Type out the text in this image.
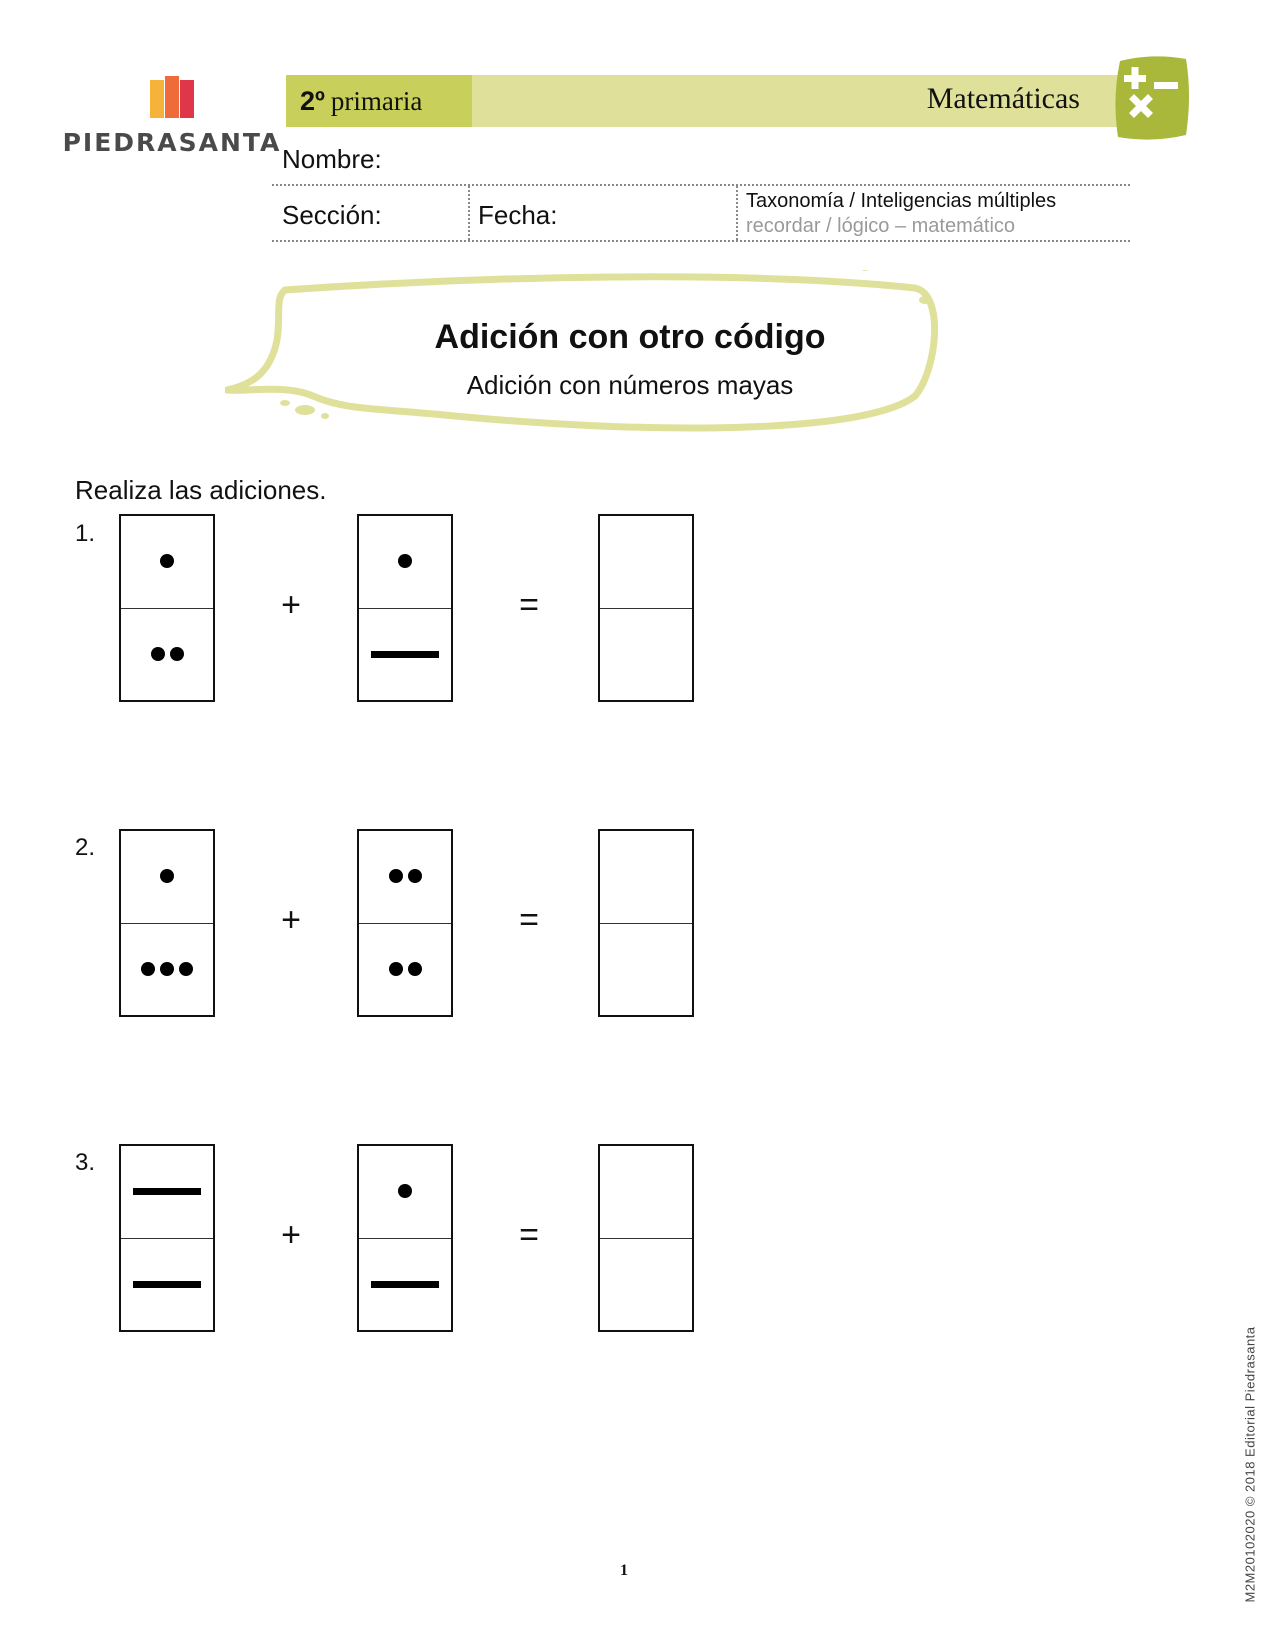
PIEDRASANTA
2º primaria	Matemáticas
Nombre:
Sección:	Fecha:	Taxonomía / Inteligencias múltiples
recordar / lógico – matemático
Adición con otro código
Adición con números mayas
Realiza las adiciones.
1.
+	=
2.
+	=
3.
+	=
1	M2M20102020 © 2018 Editorial Piedrasanta
